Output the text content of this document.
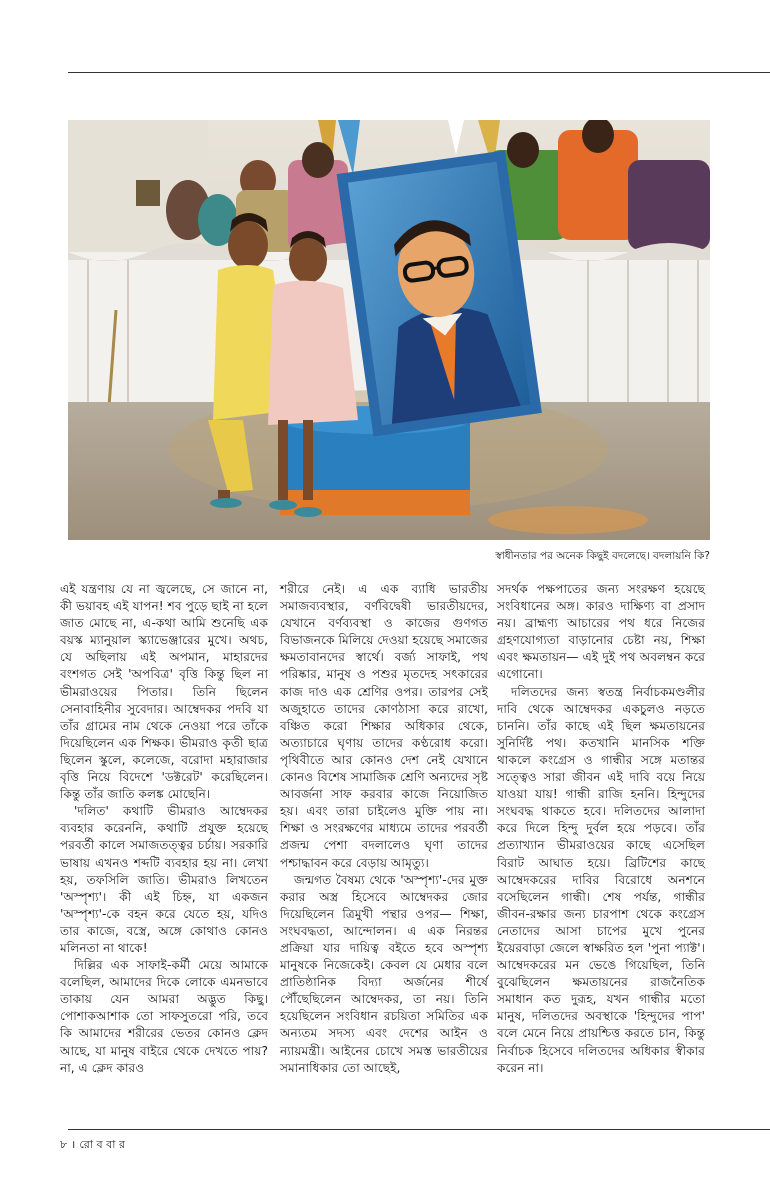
স্বাধীনতার পর অনেক কিছুই বদলেছে। বদলায়নি কি?

এই যন্ত্রণায় যে না জ্বলেছে, সে জানে না, কী ভয়াবহ এই যাপন! শব পুড়ে ছাই না হলে জাত মোছে না, এ-কথা আমি শুনেছি এক বয়স্ক ম্যানুয়াল স্ক্যাভেঞ্জারের মুখে। অথচ, যে অছিলায় এই অপমান, মাহারদের বংশগত সেই 'অপবিত্র' বৃত্তি কিন্তু ছিল না ভীমরাওয়ের পিতার। তিনি ছিলেন সেনাবাহিনীর সুবেদার। আম্বেদকর পদবি যা তাঁর গ্রামের নাম থেকে নেওয়া পরে তাঁকে দিয়েছিলেন এক শিক্ষক। ভীমরাও কৃতী ছাত্র ছিলেন স্কুলে, কলেজে, বরোদা মহারাজার বৃত্তি নিয়ে বিদেশে 'ডক্টরেট' করেছিলেন। কিন্তু তাঁর জাতি কলঙ্ক মোছেনি।

'দলিত' কথাটি ভীমরাও আম্বেদকর ব্যবহার করেননি, কথাটি প্রযুক্ত হয়েছে পরবর্তী কালে সমাজতত্ত্বর চর্চায়। সরকারি ভাষায় এখনও শব্দটি ব্যবহার হয় না। লেখা হয়, তফসিলি জাতি। ভীমরাও লিখতেন 'অস্পৃশ্য'। কী এই চিহ্ন, যা একজন 'অস্পৃশ্য'-কে বহন করে যেতে হয়, যদিও তার কাজে, বস্ত্রে, অঙ্গে কোথাও কোনও মলিনতা না থাকে!

দিল্লির এক সাফাই-কর্মী মেয়ে আমাকে বলেছিল, আমাদের দিকে লোকে এমনভাবে তাকায় যেন আমরা অদ্ভুত কিছু। পোশাকআশাক তো সাফসুতরো পরি, তবে কি আমাদের শরীরের ভেতর কোনও ক্লেদ আছে, যা মানুষ বাইরে থেকে দেখতে পায়? না, এ ক্লেদ কারও

শরীরে নেই। এ এক ব্যাধি ভারতীয় সমাজব্যবস্থার, বর্ণবিদ্বেষী ভারতীয়দের, যেখানে বর্ণব্যবস্থা ও কাজের গুণগত বিভাজনকে মিলিয়ে দেওয়া হয়েছে সমাজের ক্ষমতাবানদের স্বার্থে। বর্জ্য সাফাই, পথ পরিষ্কার, মানুষ ও পশুর মৃতদেহ সৎকারের কাজ দাও এক শ্রেণির ওপর। তারপর সেই অজুহাতে তাদের কোণঠাসা করে রাখো, বঞ্চিত করো শিক্ষার অধিকার থেকে, অত্যাচারে ঘৃণায় তাদের কণ্ঠরোধ করো। পৃথিবীতে আর কোনও দেশ নেই যেখানে কোনও বিশেষ সামাজিক শ্রেণি অন্যদের সৃষ্ট আবর্জনা সাফ করবার কাজে নিয়োজিত হয়। এবং তারা চাইলেও মুক্তি পায় না। শিক্ষা ও সংরক্ষণের মাধ্যমে তাদের পরবর্তী প্রজন্ম পেশা বদলালেও ঘৃণা তাদের পশ্চাদ্ধাবন করে বেড়ায় আমৃত্যু।

জন্মগত বৈষম্য থেকে 'অস্পৃশ্য'-দের মুক্ত করার অস্ত্র হিসেবে আম্বেদকর জোর দিয়েছিলেন ত্রিমুখী পন্থার ওপর— শিক্ষা, সংঘবদ্ধতা, আন্দোলন। এ এক নিরন্তর প্রক্রিয়া যার দায়িত্ব বইতে হবে অস্পৃশ্য মানুষকে নিজেকেই। কেবল যে মেধার বলে প্রাতিষ্ঠানিক বিদ্যা অর্জনের শীর্ষে পৌঁছেছিলেন আম্বেদকর, তা নয়। তিনি হয়েছিলেন সংবিধান রচয়িতা সমিতির এক অন্যতম সদস্য এবং দেশের আইন ও ন্যায়মন্ত্রী। আইনের চোখে সমস্ত ভারতীয়ের সমানাধিকার তো আছেই,

সদর্থক পক্ষপাতের জন্য সংরক্ষণ হয়েছে সংবিধানের অঙ্গ। কারও দাক্ষিণ্য বা প্রসাদ নয়। ব্রাহ্মণ্য আচারের পথ ধরে নিজের গ্রহণযোগ্যতা বাড়ানোর চেষ্টা নয়, শিক্ষা এবং ক্ষমতায়ন— এই দুই পথ অবলম্বন করে এগোনো।

দলিতদের জন্য স্বতন্ত্র নির্বাচকমণ্ডলীর দাবি থেকে আম্বেদকর একচুলও নড়তে চাননি। তাঁর কাছে এই ছিল ক্ষমতায়নের সুনির্দিষ্ট পথ। কতখানি মানসিক শক্তি থাকলে কংগ্রেস ও গান্ধীর সঙ্গে মতান্তর সত্ত্বেও সারা জীবন এই দাবি বয়ে নিয়ে যাওয়া যায়! গান্ধী রাজি হননি। হিন্দুদের সংঘবদ্ধ থাকতে হবে। দলিতদের আলাদা করে দিলে হিন্দু দুর্বল হয়ে পড়বে। তাঁর প্রত্যাখ্যান ভীমরাওয়ের কাছে এসেছিল বিরাট আঘাত হয়ে। ব্রিটিশের কাছে আম্বেদকরের দাবির বিরোধে অনশনে বসেছিলেন গান্ধী। শেষ পর্যন্ত, গান্ধীর জীবন-রক্ষার জন্য চারপাশ থেকে কংগ্রেস নেতাদের আসা চাপের মুখে পুনের ইয়েরবাড়া জেলে স্বাক্ষরিত হল 'পুনা প্যাক্ট'। আম্বেদকরের মন ভেঙে গিয়েছিল, তিনি বুঝেছিলেন ক্ষমতায়নের রাজনৈতিক সমাধান কত দুরূহ, যখন গান্ধীর মতো মানুষ, দলিতদের অবস্থাকে 'হিন্দুদের পাপ' বলে মেনে নিয়ে প্রায়শ্চিত্ত করতে চান, কিন্তু নির্বাচক হিসেবে দলিতদের অধিকার স্বীকার করেন না।

৮ । রো ব বা র
